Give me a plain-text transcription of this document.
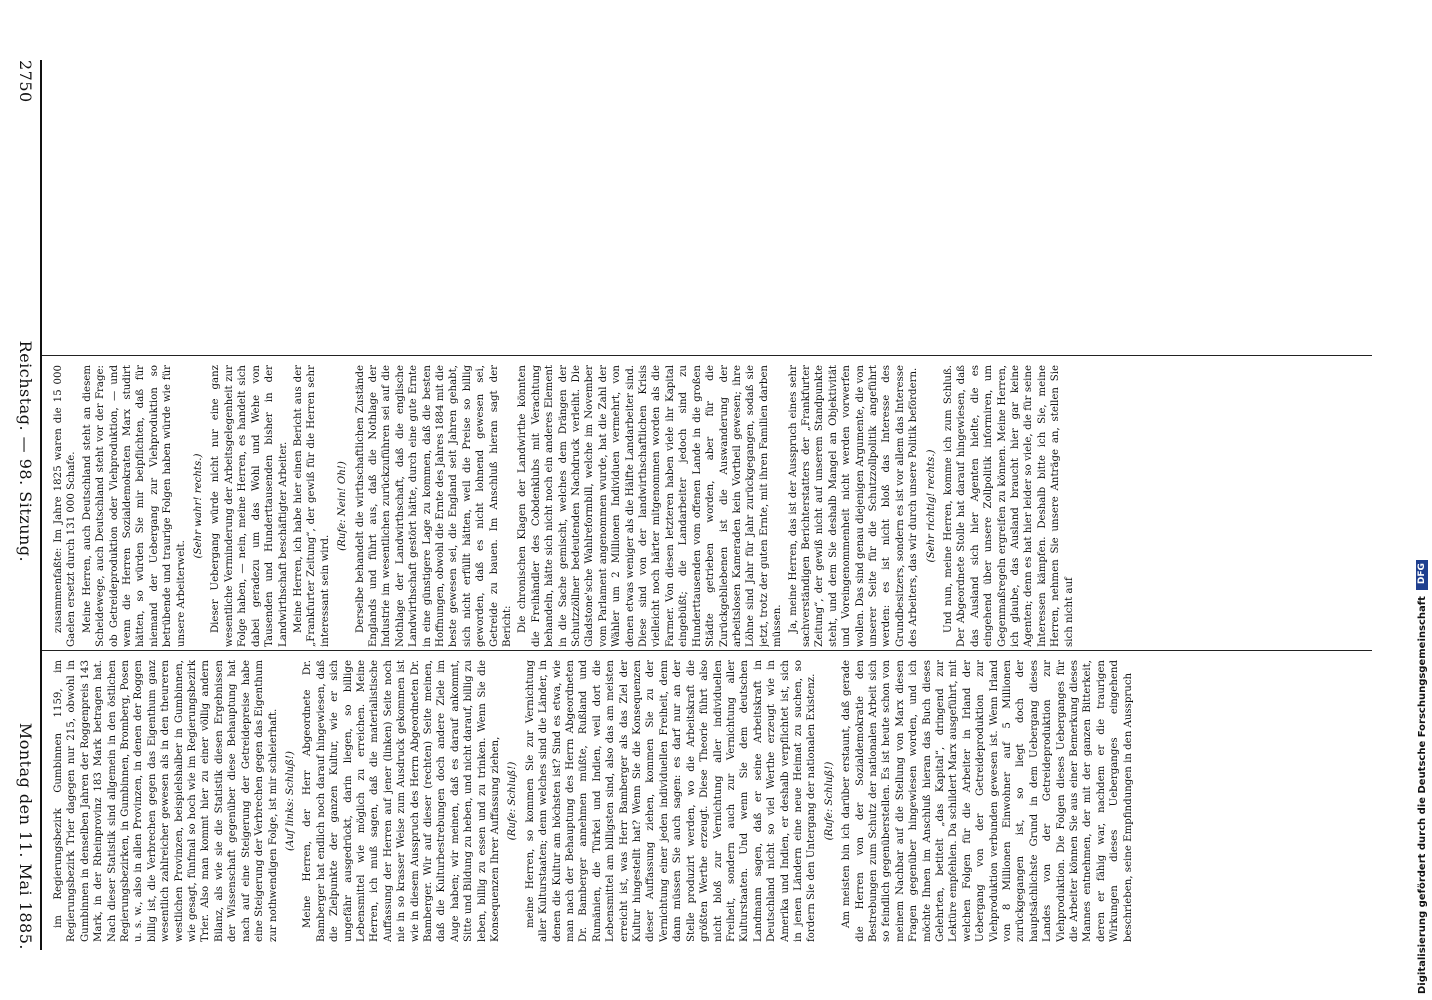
2750
Reichstag. — 98. Sitzung.
Montag den 11. Mai 1885. im Regierungsbezirk Gumbinnen 1159, im Regierungsbezirk Trier dagegen nur 215, obwohl in Gumbinnen in denselben Jahren der Roggenpreis 143 Mark, in der Rheinprovinz 183 Mark betragen hat. Nach dieser Statistik sind allgemein in den östlichen Regierungsbezirken, in Gumbinnen, Bromberg, Posen u. s. w., also in allen Provinzen, in denen der Roggen billig ist, die Verbrechen gegen das Eigenthum ganz wesentlich zahlreicher gewesen als in den theureren westlichen Provinzen, beispielshalber in Gumbinnen, wie gesagt, fünfmal so hoch wie im Regierungsbezirk Trier. Also man kommt hier zu einer völlig andern Bilanz, als wie sie die Statistik diesen Ergebnissen der Wissenschaft gegenüber diese Behauptung hat nach auf eine Steigerung der Getreidepreise habe eine Steigerung der Verbrechen gegen das Eigenthum zur nothwendigen Folge, ist mir schleierhaft. (Auf links: Schluß!) Meine Herren, der Herr Abgeordnete Dr. Bamberger hat endlich noch darauf hingewiesen, daß die Zielpunkte der ganzen Kultur, wie er sich ungefähr ausgedrückt, darin liegen, so billige Lebensmittel wie möglich zu erreichen. Meine Herren, ich muß sagen, daß die materialistische Auffassung der Herren auf jener (linken) Seite noch nie in so krasser Weise zum Ausdruck gekommen ist wie in diesem Ausspruch des Herrn Abgeordneten Dr. Bamberger. Wir auf dieser (rechten) Seite meinen, daß die Kulturbestrebungen doch andere Ziele im Auge haben; wir meinen, daß es darauf ankommt, Sitte und Bildung zu heben, und nicht darauf, billig zu leben, billig zu essen und zu trinken. Wenn Sie die Konsequenzen Ihrer Auffassung ziehen, (Rufe: Schluß!) meine Herren, so kommen Sie zur Vernichtung aller Kulturstaaten; denn welches sind die Länder, in denen die Kultur am höchsten ist? Sind es etwa, wie man nach der Behauptung des Herrn Abgeordneten Dr. Bamberger annehmen müßte, Rußland und Rumänien, die Türkei und Indien, weil dort die Lebensmittel am billigsten sind, also das am meisten erreicht ist, was Herr Bamberger als das Ziel der Kultur hingestellt hat? Wenn Sie die Konsequenzen dieser Auffassung ziehen, kommen Sie zu der Vernichtung einer jeden individuellen Freiheit, denn dann müssen Sie auch sagen: es darf nur an der Stelle produzirt werden, wo die Arbeitskraft die größten Werthe erzeugt. Diese Theorie führt also nicht bloß zur Vernichtung aller individuellen Freiheit, sondern auch zur Vernichtung aller Kulturstaaten. Und wenn Sie dem deutschen Landmann sagen, daß er seine Arbeitskraft in Deutschland nicht so viel Werthe erzeugt wie in Amerika und Indien, er deshalb verpflichtet ist, sich in jenen Ländern eine neue Heimat zu suchen, so fordern Sie den Untergang der nationalen Existenz. (Rufe: Schluß!) Am meisten bin ich darüber erstaunt, daß gerade die Herren von der Sozialdemokratie den Bestrebungen zum Schutz der nationalen Arbeit sich so feindlich gegenüberstellen. Es ist heute schon von meinem Nachbar auf die Stellung von Marx diesen Fragen gegenüber hingewiesen worden, und ich möchte Ihnen im Anschluß hieran das Buch dieses Gelehrten, betitelt „das Kapital“, dringend zur Lektüre empfehlen. Da schildert Marx ausgeführt, mit welchen Folgen für die Arbeiter in Irland der Uebergang von der Getreideproduktion zur Viehproduktion verbunden gewesen ist. Wenn Irland von 8 Millionen Einwohner auf 5 Millionen zurückgegangen ist, so liegt doch der hauptsächlichste Grund in dem Uebergang dieses Landes von der Getreideproduktion zur Viehproduktion. Die Folgen dieses Ueberganges für die Arbeiter können Sie aus einer Bemerkung dieses Mannes entnehmen, der mit der ganzen Bitterkeit, deren er fähig war, nachdem er die traurigen Wirkungen dieses Ueberganges eingehend beschrieben, seine Empfindungen in den Ausspruch

zusammenfaßte: Im Jahre 1825 waren die 15 000 Gaelen ersetzt durch 131 000 Schafe. Meine Herren, auch Deutschland steht an diesem Scheidewege, auch Deutschland steht vor der Frage: ob Getreideproduktion oder Viehproduktion, — und wenn die Herren Sozialdemokraten Marx studirt hätten, so würden Sie mir beipflichten, daß für niemand der Uebergang zur Viehproduktion so betrübende und traurige Folgen haben würde wie für unsere Arbeiterwelt.

(Sehr wahr! rechts.) Dieser Uebergang würde nicht nur eine ganz wesentliche Verminderung der Arbeitsgelegenheit zur Folge haben, — nein, meine Herren, es handelt sich dabei geradezu um das Wohl und Wehe von Tausenden und Hunderttausenden bisher in der Landwirthschaft beschäftigter Arbeiter. Meine Herren, ich habe hier einen Bericht aus der „Frankfurter Zeitung“, der gewiß für die Herren sehr interessant sein wird.

(Rufe: Nein! Oh!) Derselbe behandelt die wirthschaftlichen Zustände Englands und führt aus, daß die Nothlage der Industrie im wesentlichen zurückzuführen sei auf die Nothlage der Landwirthschaft, daß die englische Landwirthschaft gestört hätte, durch eine gute Ernte in eine günstigere Lage zu kommen, daß die besten Hoffnungen, obwohl die Ernte des Jahres 1884 mit die beste gewesen sei, die England seit Jahren gehabt, sich nicht erfüllt hätten, weil die Preise so billig geworden, daß es nicht lohnend gewesen sei, Getreide zu bauen. Im Anschluß hieran sagt der Bericht: Die chronischen Klagen der Landwirthe könnten die Freihändler des Cobdenklubs mit Verachtung behandeln, hätte sich nicht noch ein anderes Element in die Sache gemischt, welches dem Drängen der Schutzzöllner bedeutenden Nachdruck verleiht. Die Gladstone'sche Wahlreformbill, welche im November vom Parlament angenommen wurde, hat die Zahl der Wähler um 2 Millionen Individuen vermehrt, von denen etwas weniger als die Hälfte Landarbeiter sind. Diese sind von der landwirthschaftlichen Krisis vielleicht noch härter mitgenommen worden als die Farmer. Von diesen letzteren haben viele ihr Kapital eingebüßt; die Landarbeiter jedoch sind zu Hunderttausenden vom offenen Lande in die großen Städte getrieben worden, aber für die Zurückgebliebenen ist die Auswanderung der arbeitslosen Kameraden kein Vortheil gewesen; ihre Löhne sind Jahr für Jahr zurückgegangen, sodaß sie jetzt, trotz der guten Ernte, mit ihren Familien darben müssen. Ja, meine Herren, das ist der Ausspruch eines sehr sachverständigen Berichterstatters der „Frankfurter Zeitung“, der gewiß nicht auf unserem Standpunkte steht, und dem Sie deshalb Mangel an Objektivität und Voreingenommenheit nicht werden vorwerfen wollen. Das sind genau diejenigen Argumente, die von unserer Seite für die Schutzzollpolitik angeführt werden: es ist nicht bloß das Interesse des Grundbesitzers, sondern es ist vor allem das Interesse des Arbeiters, das wir durch unsere Politik befördern. (Sehr richtig! rechts.) Und nun, meine Herren, komme ich zum Schluß. Der Abgeordnete Stolle hat darauf hingewiesen, daß das Ausland sich hier Agenten hielte, die es eingehend über unsere Zollpolitik informiren, um Gegenmaßregeln ergreifen zu können. Meine Herren, ich glaube, das Ausland braucht hier gar keine Agenten; denn es hat hier leider so viele, die für seine Interessen kämpfen. Deshalb bitte ich Sie, meine Herren, nehmen Sie unsere Anträge an, stellen Sie sich nicht auf	Digitalisierung gefördert durch die Deutsche Forschungsgemeinschaft
DFG
